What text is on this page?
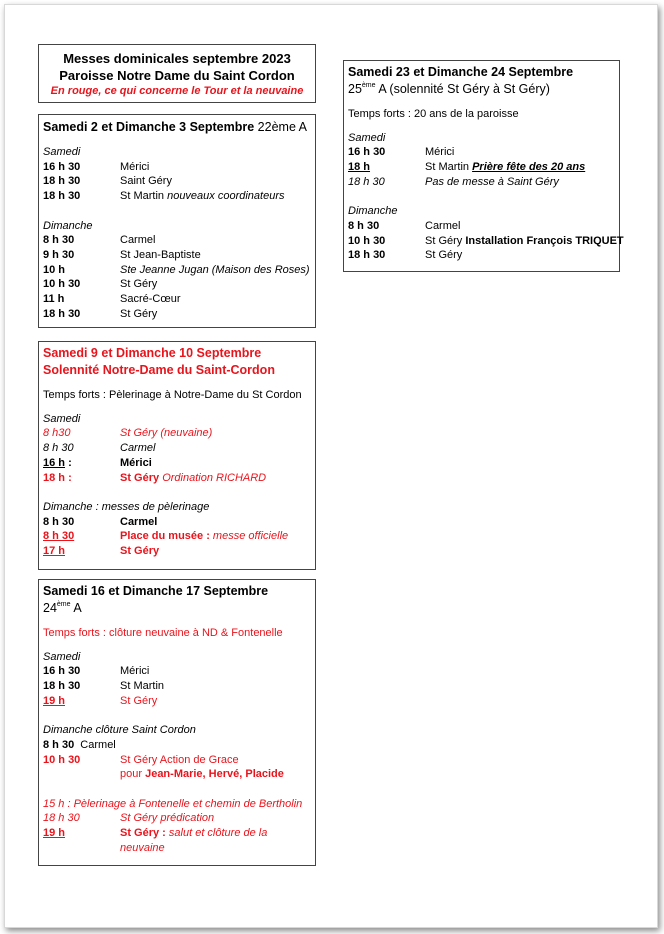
Messes dominicales septembre 2023
Paroisse Notre Dame du Saint Cordon
En rouge, ce qui concerne le Tour et la neuvaine
Samedi 2 et Dimanche 3 Septembre 22ème A
Samedi
16 h 30	Mérici
18 h 30	Saint Géry
18 h 30	St Martin nouveaux coordinateurs
Dimanche
8 h 30	Carmel
9 h 30	St Jean-Baptiste
10 h	Ste Jeanne Jugan (Maison des Roses)
10 h 30	St Géry
11 h	Sacré-Cœur
18 h 30	St Géry
Samedi 9 et Dimanche 10 Septembre
Solennité Notre-Dame du Saint-Cordon
Temps forts : Pèlerinage à Notre-Dame du St Cordon
Samedi
8 h30	St Géry (neuvaine)
8 h 30	Carmel
16 h :	Mérici
18 h :	St Géry Ordination RICHARD
Dimanche : messes de pèlerinage
8 h 30	Carmel
8 h 30	Place du musée : messe officielle
17 h	St Géry
Samedi 16 et Dimanche 17 Septembre
24ème A
Temps forts : clôture neuvaine à ND & Fontenelle
Samedi
16 h 30	Mérici
18 h 30	St Martin
19 h	St Géry
Dimanche clôture Saint Cordon
8 h 30  Carmel
10 h 30	St Géry Action de Grace
pour Jean-Marie, Hervé, Placide
15 h : Pèlerinage à Fontenelle et chemin de Bertholin
18 h 30	St Géry prédication
19 h	St Géry : salut et clôture de la
neuvaine
Samedi 23 et Dimanche 24 Septembre
25ème A (solennité St Géry à St Géry)
Temps forts : 20 ans de la paroisse
Samedi
16 h 30	Mérici
18 h	St Martin Prière fête des 20 ans
18 h 30	Pas de messe à Saint Géry
Dimanche
8 h 30	Carmel
10 h 30	St Géry Installation François TRIQUET
18 h 30	St Géry
